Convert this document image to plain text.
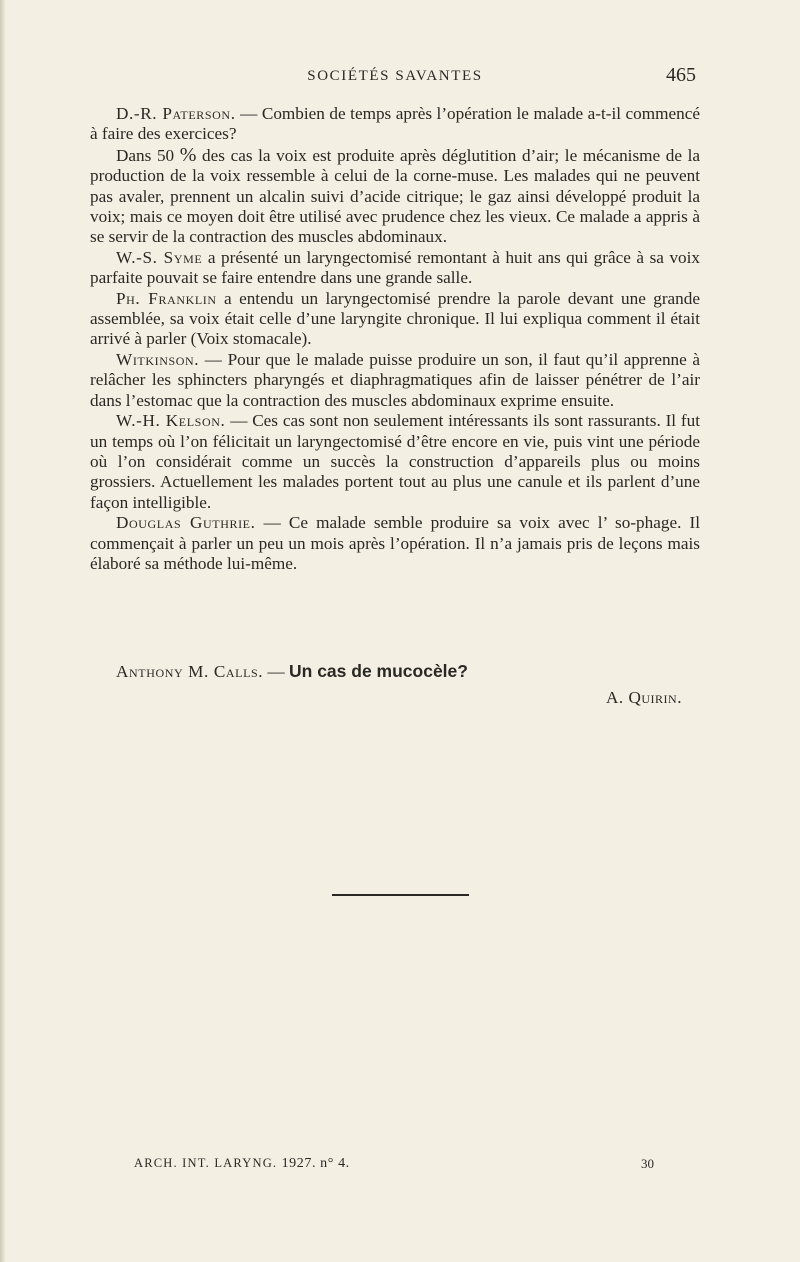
SOCIÉTÉS SAVANTES	465

D.-R. Paterson. — Combien de temps après l’opération le malade a-t-il commencé à faire des exercices?

Dans 50 % des cas la voix est produite après déglutition d’air; le mécanisme de la production de la voix ressemble à celui de la corne-muse. Les malades qui ne peuvent pas avaler, prennent un alcalin suivi d’acide citrique; le gaz ainsi développé produit la voix; mais ce moyen doit être utilisé avec prudence chez les vieux. Ce malade a appris à se servir de la contraction des muscles abdominaux.

W.-S. Syme a présenté un laryngectomisé remontant à huit ans qui grâce à sa voix parfaite pouvait se faire entendre dans une grande salle.

Ph. Franklin a entendu un laryngectomisé prendre la parole devant une grande assemblée, sa voix était celle d’une laryngite chronique. Il lui expliqua comment il était arrivé à parler (Voix stomacale).

Witkinson. — Pour que le malade puisse produire un son, il faut qu’il apprenne à relâcher les sphincters pharyngés et diaphragmatiques afin de laisser pénétrer de l’air dans l’estomac que la contraction des muscles abdominaux exprime ensuite.

W.-H. Kelson. — Ces cas sont non seulement intéressants ils sont rassurants. Il fut un temps où l’on félicitait un laryngectomisé d’être encore en vie, puis vint une période où l’on considérait comme un succès la construction d’appareils plus ou moins grossiers. Actuellement les malades portent tout au plus une canule et ils parlent d’une façon intelligible.

Douglas Guthrie. — Ce malade semble produire sa voix avec l’ so-phage. Il commençait à parler un peu un mois après l’opération. Il n’a jamais pris de leçons mais élaboré sa méthode lui-même.

Anthony M. Calls. — Un cas de mucocèle?
A. Quirin.
ARCH. INT. LARYNG. 1927. n° 4.	30
